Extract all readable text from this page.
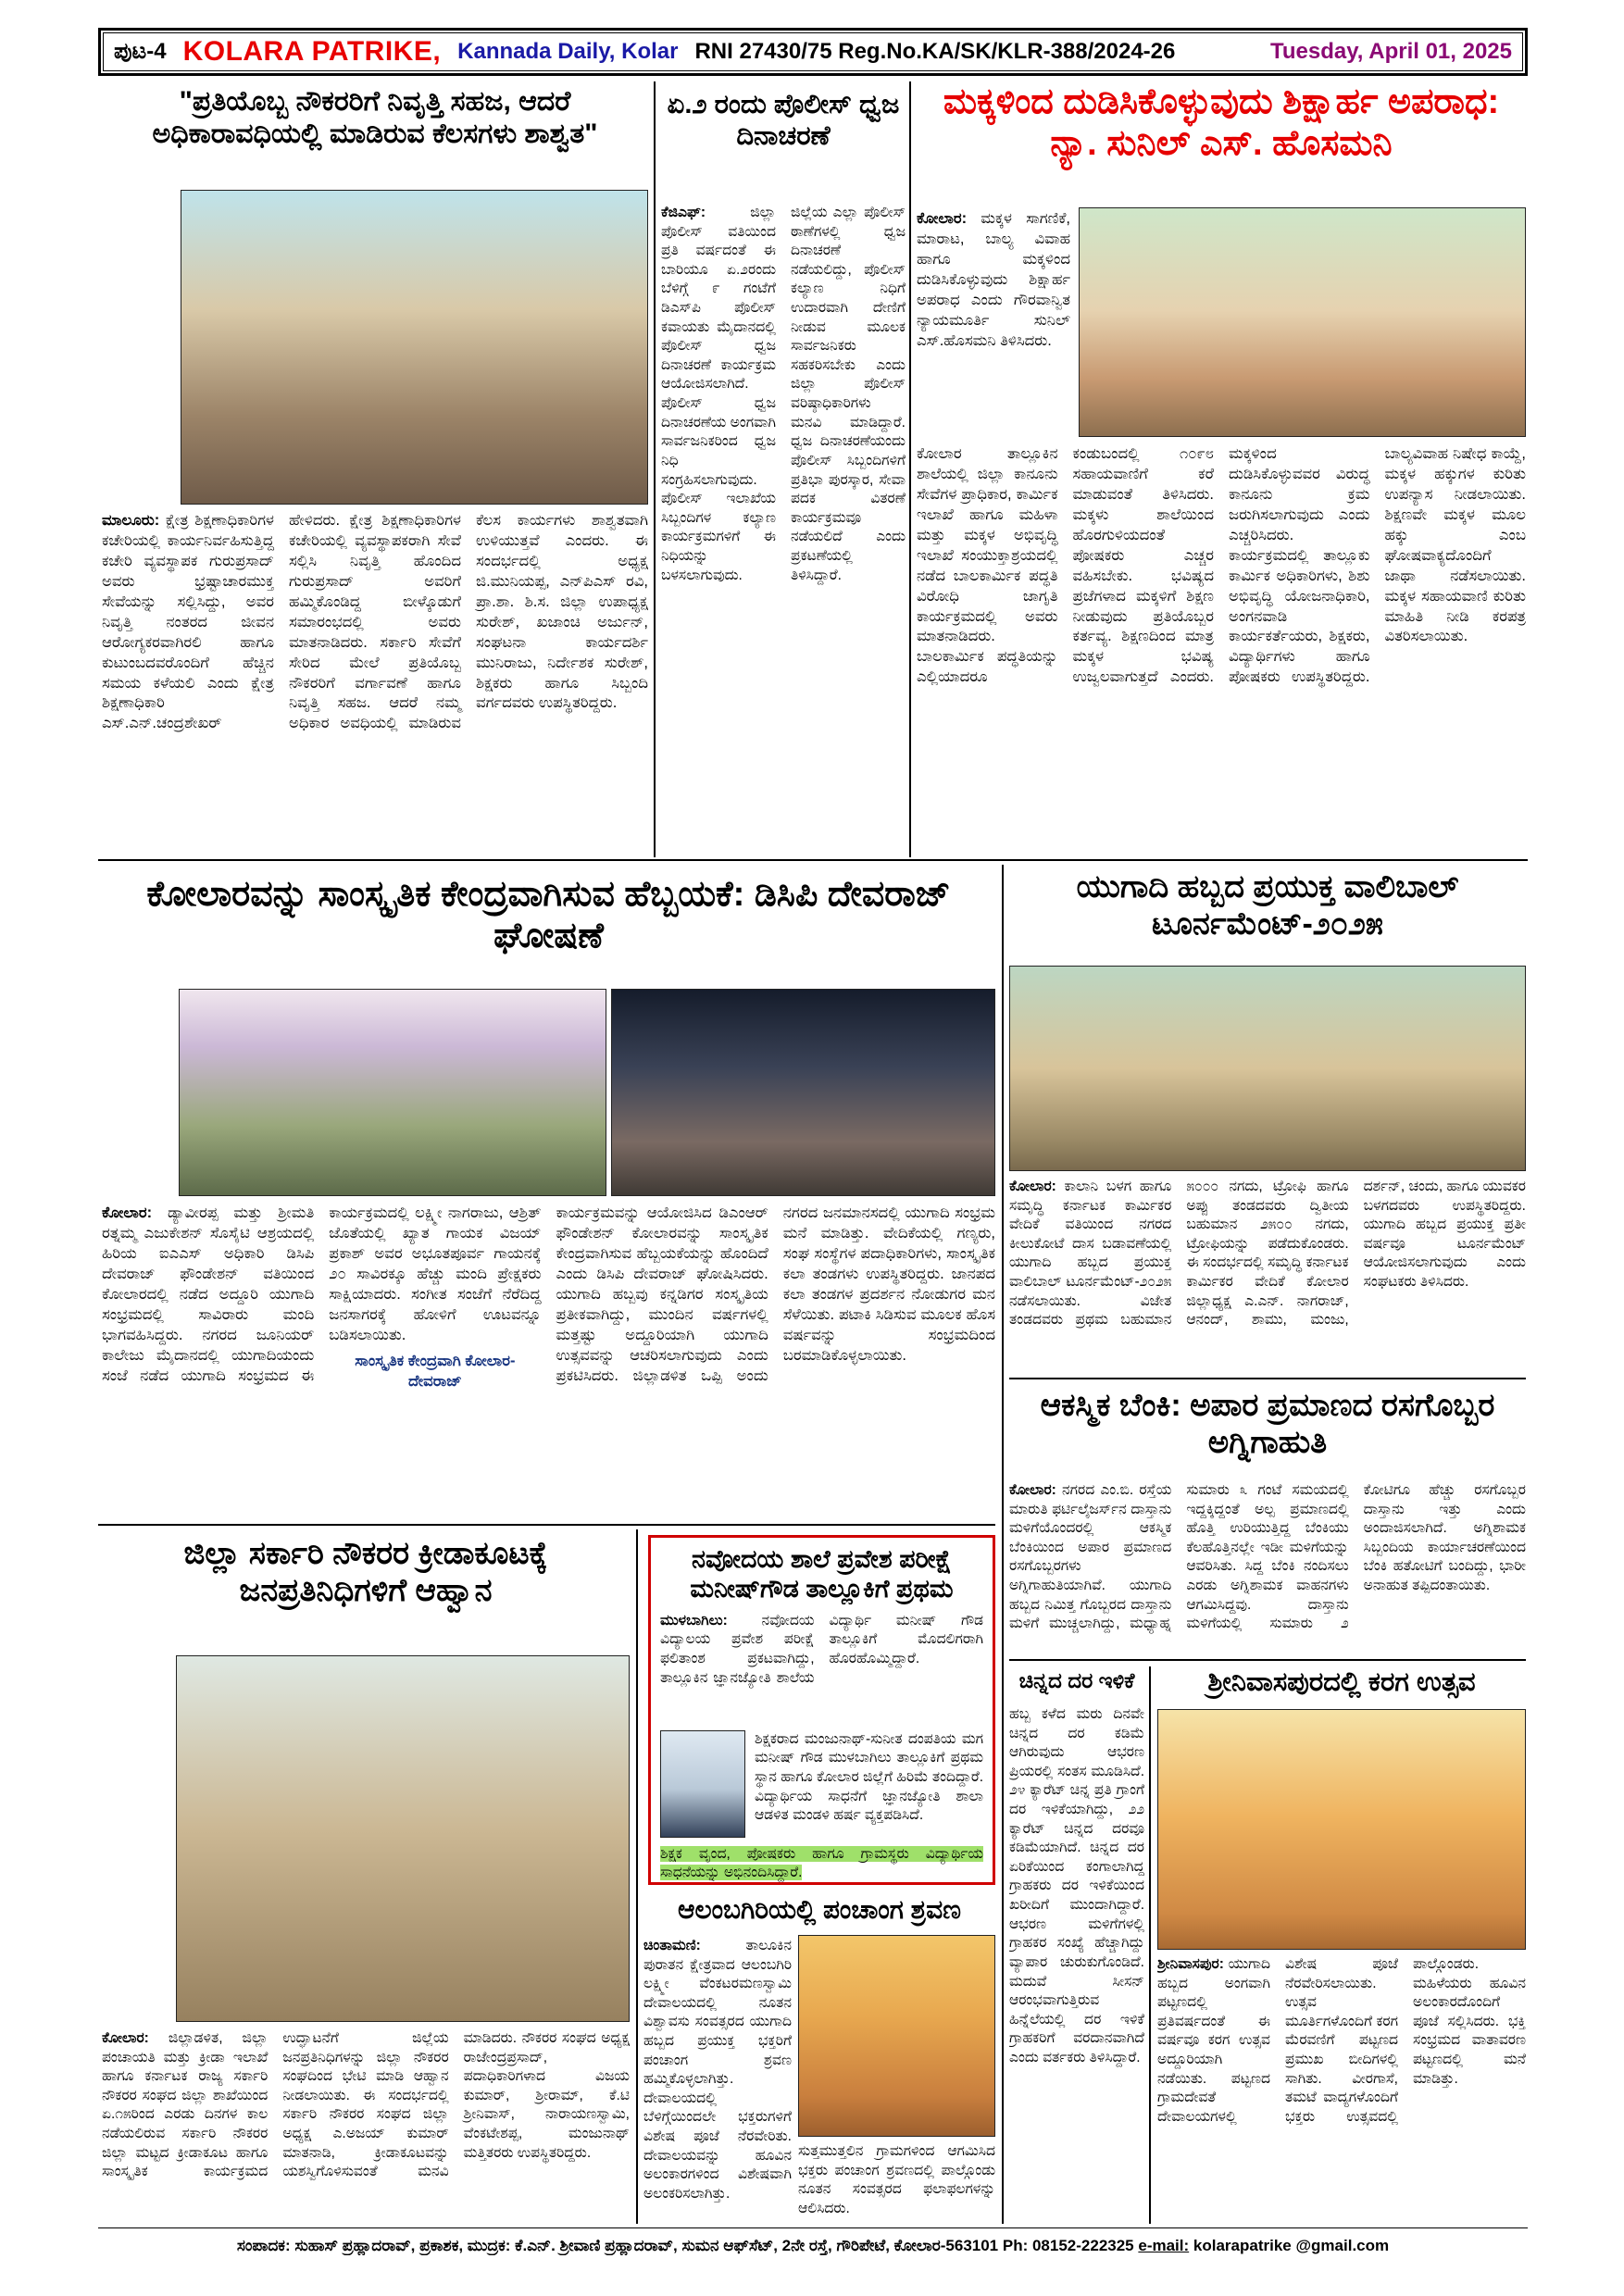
ಪುಟ-4 KOLARA PATRIKE, Kannada Daily, Kolar RNI 27430/75 Reg.No.KA/SK/KLR-388/2024-26	Tuesday, April 01, 2025
"ಪ್ರತಿಯೊಬ್ಬ ನೌಕರರಿಗೆ ನಿವೃತ್ತಿ ಸಹಜ, ಆದರೆ ಅಧಿಕಾರಾವಧಿಯಲ್ಲಿ ಮಾಡಿರುವ ಕೆಲಸಗಳು ಶಾಶ್ವತ"
ಮಾಲೂರು: ಕ್ಷೇತ್ರ ಶಿಕ್ಷಣಾಧಿಕಾರಿಗಳ ಕಚೇರಿಯಲ್ಲಿ ಕಾರ್ಯನಿರ್ವಹಿಸುತ್ತಿದ್ದ ಕಚೇರಿ ವ್ಯವಸ್ಥಾಪಕ ಗುರುಪ್ರಸಾದ್ ಅವರು ಭ್ರಷ್ಟಾಚಾರಮುಕ್ತ ಸೇವೆಯನ್ನು ಸಲ್ಲಿಸಿದ್ದು, ಅವರ ನಿವೃತ್ತಿ ನಂತರದ ಜೀವನ ಆರೋಗ್ಯಕರವಾಗಿರಲಿ ಹಾಗೂ ಕುಟುಂಬದವರೊಂದಿಗೆ ಹೆಚ್ಚಿನ ಸಮಯ ಕಳೆಯಲಿ ಎಂದು ಕ್ಷೇತ್ರ ಶಿಕ್ಷಣಾಧಿಕಾರಿ ಎಸ್.ಎನ್.ಚಂದ್ರಶೇಖರ್ ಹೇಳಿದರು. ಕ್ಷೇತ್ರ ಶಿಕ್ಷಣಾಧಿಕಾರಿಗಳ ಕಚೇರಿಯಲ್ಲಿ ವ್ಯವಸ್ಥಾಪಕರಾಗಿ ಸೇವೆ ಸಲ್ಲಿಸಿ ನಿವೃತ್ತಿ ಹೊಂದಿದ ಗುರುಪ್ರಸಾದ್ ಅವರಿಗೆ ಹಮ್ಮಿಕೊಂಡಿದ್ದ ಬೀಳ್ಕೊಡುಗೆ ಸಮಾರಂಭದಲ್ಲಿ ಅವರು ಮಾತನಾಡಿದರು. ಸರ್ಕಾರಿ ಸೇವೆಗೆ ಸೇರಿದ ಮೇಲೆ ಪ್ರತಿಯೊಬ್ಬ ನೌಕರರಿಗೆ ವರ್ಗಾವಣೆ ಹಾಗೂ ನಿವೃತ್ತಿ ಸಹಜ. ಆದರೆ ನಮ್ಮ ಅಧಿಕಾರ ಅವಧಿಯಲ್ಲಿ ಮಾಡಿರುವ ಕೆಲಸ ಕಾರ್ಯಗಳು ಶಾಶ್ವತವಾಗಿ ಉಳಿಯುತ್ತವೆ ಎಂದರು. ಈ ಸಂದರ್ಭದಲ್ಲಿ ಅಧ್ಯಕ್ಷ ಜಿ.ಮುನಿಯಪ್ಪ, ಎನ್‌ಪಿಎಸ್ ರವಿ, ಪ್ರಾ.ಶಾ. ಶಿ.ಸ. ಜಿಲ್ಲಾ ಉಪಾಧ್ಯಕ್ಷ ಸುರೇಶ್, ಖಜಾಂಚಿ ಅರ್ಜುನ್, ಸಂಘಟನಾ ಕಾರ್ಯದರ್ಶಿ ಮುನಿರಾಜು, ನಿರ್ದೇಶಕ ಸುರೇಶ್, ಶಿಕ್ಷಕರು ಹಾಗೂ ಸಿಬ್ಬಂದಿ ವರ್ಗದವರು ಉಪಸ್ಥಿತರಿದ್ದರು.
ಏ.೨ ರಂದು ಪೊಲೀಸ್ ಧ್ವಜ ದಿನಾಚರಣೆ
ಕೆಜಿಎಫ್:	ಜಿಲ್ಲಾ ಪೊಲೀಸ್ ವತಿಯಿಂದ ಪ್ರತಿ ವರ್ಷದಂತೆ ಈ ಬಾರಿಯೂ ಏ.೨ರಂದು ಬೆಳಿಗ್ಗೆ ೯ ಗಂಟೆಗೆ ಡಿಎಸ್‌ಪಿ ಪೊಲೀಸ್ ಕವಾಯತು ಮೈದಾನದಲ್ಲಿ ಪೊಲೀಸ್ ಧ್ವಜ ದಿನಾಚರಣೆ ಕಾರ್ಯಕ್ರಮ ಆಯೋಜಿಸಲಾಗಿದೆ. ಪೊಲೀಸ್ ಧ್ವಜ ದಿನಾಚರಣೆಯ ಅಂಗವಾಗಿ ಸಾರ್ವಜನಿಕರಿಂದ ಧ್ವಜ ನಿಧಿ ಸಂಗ್ರಹಿಸಲಾಗುವುದು. ಪೊಲೀಸ್ ಇಲಾಖೆಯ ಸಿಬ್ಬಂದಿಗಳ ಕಲ್ಯಾಣ ಕಾರ್ಯಕ್ರಮಗಳಿಗೆ ಈ ನಿಧಿಯನ್ನು ಬಳಸಲಾಗುವುದು. ಜಿಲ್ಲೆಯ ಎಲ್ಲಾ ಪೊಲೀಸ್ ಠಾಣೆಗಳಲ್ಲಿ ಧ್ವಜ ದಿನಾಚರಣೆ ನಡೆಯಲಿದ್ದು, ಪೊಲೀಸ್ ಕಲ್ಯಾಣ ನಿಧಿಗೆ ಉದಾರವಾಗಿ ದೇಣಿಗೆ ನೀಡುವ ಮೂಲಕ ಸಾರ್ವಜನಿಕರು ಸಹಕರಿಸಬೇಕು ಎಂದು ಜಿಲ್ಲಾ ಪೊಲೀಸ್ ವರಿಷ್ಠಾಧಿಕಾರಿಗಳು ಮನವಿ ಮಾಡಿದ್ದಾರೆ. ಧ್ವಜ ದಿನಾಚರಣೆಯಂದು ಪೊಲೀಸ್ ಸಿಬ್ಬಂದಿಗಳಿಗೆ ಪ್ರತಿಭಾ ಪುರಸ್ಕಾರ, ಸೇವಾ ಪದಕ ವಿತರಣೆ ಕಾರ್ಯಕ್ರಮವೂ ನಡೆಯಲಿದೆ ಎಂದು ಪ್ರಕಟಣೆಯಲ್ಲಿ ತಿಳಿಸಿದ್ದಾರೆ.
ಮಕ್ಕಳಿಂದ ದುಡಿಸಿಕೊಳ್ಳುವುದು ಶಿಕ್ಷಾರ್ಹ ಅಪರಾಧ: ನ್ಯಾ. ಸುನಿಲ್ ಎಸ್. ಹೊಸಮನಿ
ಕೋಲಾರ: ಮಕ್ಕಳ ಸಾಗಣಿಕೆ, ಮಾರಾಟ, ಬಾಲ್ಯ ವಿವಾಹ ಹಾಗೂ ಮಕ್ಕಳಿಂದ ದುಡಿಸಿಕೊಳ್ಳುವುದು ಶಿಕ್ಷಾರ್ಹ ಅಪರಾಧ ಎಂದು ಗೌರವಾನ್ವಿತ ನ್ಯಾಯಮೂರ್ತಿ ಸುನಿಲ್ ಎಸ್.ಹೊಸಮನಿ ತಿಳಿಸಿದರು.
ಕೋಲಾರ ತಾಲ್ಲೂಕಿನ ಶಾಲೆಯಲ್ಲಿ ಜಿಲ್ಲಾ ಕಾನೂನು ಸೇವೆಗಳ ಪ್ರಾಧಿಕಾರ, ಕಾರ್ಮಿಕ ಇಲಾಖೆ ಹಾಗೂ ಮಹಿಳಾ ಮತ್ತು ಮಕ್ಕಳ ಅಭಿವೃದ್ಧಿ ಇಲಾಖೆ ಸಂಯುಕ್ತಾಶ್ರಯದಲ್ಲಿ ನಡೆದ ಬಾಲಕಾರ್ಮಿಕ ಪದ್ಧತಿ ವಿರೋಧಿ ಜಾಗೃತಿ ಕಾರ್ಯಕ್ರಮದಲ್ಲಿ ಅವರು ಮಾತನಾಡಿದರು. ಬಾಲಕಾರ್ಮಿಕ ಪದ್ಧತಿಯನ್ನು ಎಲ್ಲಿಯಾದರೂ ಕಂಡುಬಂದಲ್ಲಿ ೧೦೯೮ ಸಹಾಯವಾಣಿಗೆ ಕರೆ ಮಾಡುವಂತೆ ತಿಳಿಸಿದರು. ಮಕ್ಕಳು ಶಾಲೆಯಿಂದ ಹೊರಗುಳಿಯದಂತೆ ಪೋಷಕರು ಎಚ್ಚರ ವಹಿಸಬೇಕು. ಭವಿಷ್ಯದ ಪ್ರಜೆಗಳಾದ ಮಕ್ಕಳಿಗೆ ಶಿಕ್ಷಣ ನೀಡುವುದು ಪ್ರತಿಯೊಬ್ಬರ ಕರ್ತವ್ಯ. ಶಿಕ್ಷಣದಿಂದ ಮಾತ್ರ ಮಕ್ಕಳ ಭವಿಷ್ಯ ಉಜ್ವಲವಾಗುತ್ತದೆ ಎಂದರು. ಮಕ್ಕಳಿಂದ ದುಡಿಸಿಕೊಳ್ಳುವವರ ವಿರುದ್ಧ ಕಾನೂನು ಕ್ರಮ ಜರುಗಿಸಲಾಗುವುದು ಎಂದು ಎಚ್ಚರಿಸಿದರು. ಕಾರ್ಯಕ್ರಮದಲ್ಲಿ ತಾಲ್ಲೂಕು ಕಾರ್ಮಿಕ ಅಧಿಕಾರಿಗಳು, ಶಿಶು ಅಭಿವೃದ್ಧಿ ಯೋಜನಾಧಿಕಾರಿ, ಅಂಗನವಾಡಿ ಕಾರ್ಯಕರ್ತೆಯರು, ಶಿಕ್ಷಕರು, ವಿದ್ಯಾರ್ಥಿಗಳು ಹಾಗೂ ಪೋಷಕರು ಉಪಸ್ಥಿತರಿದ್ದರು. ಬಾಲ್ಯವಿವಾಹ ನಿಷೇಧ ಕಾಯ್ದೆ, ಮಕ್ಕಳ ಹಕ್ಕುಗಳ ಕುರಿತು ಉಪನ್ಯಾಸ ನೀಡಲಾಯಿತು. ಶಿಕ್ಷಣವೇ ಮಕ್ಕಳ ಮೂಲ ಹಕ್ಕು ಎಂಬ ಘೋಷವಾಕ್ಯದೊಂದಿಗೆ ಜಾಥಾ ನಡೆಸಲಾಯಿತು. ಮಕ್ಕಳ ಸಹಾಯವಾಣಿ ಕುರಿತು ಮಾಹಿತಿ ನೀಡಿ ಕರಪತ್ರ ವಿತರಿಸಲಾಯಿತು.
ಕೋಲಾರವನ್ನು ಸಾಂಸ್ಕೃತಿಕ ಕೇಂದ್ರವಾಗಿಸುವ ಹೆಬ್ಬಯಕೆ: ಡಿಸಿಪಿ ದೇವರಾಜ್ ಘೋಷಣೆ
ಕೋಲಾರ: ಡ್ಯಾವೀರಪ್ಪ ಮತ್ತು ಶ್ರೀಮತಿ ರತ್ನಮ್ಮ ಎಜುಕೇಶನ್ ಸೊಸೈಟಿ ಆಶ್ರಯದಲ್ಲಿ ಹಿರಿಯ ಐಎಎಸ್ ಅಧಿಕಾರಿ ಡಿಸಿಪಿ ದೇವರಾಜ್ ಫೌಂಡೇಶನ್ ವತಿಯಿಂದ ಕೋಲಾರದಲ್ಲಿ ನಡೆದ ಅದ್ದೂರಿ ಯುಗಾದಿ ಸಂಭ್ರಮದಲ್ಲಿ ಸಾವಿರಾರು ಮಂದಿ ಭಾಗವಹಿಸಿದ್ದರು. ನಗರದ ಜೂನಿಯರ್ ಕಾಲೇಜು ಮೈದಾನದಲ್ಲಿ ಯುಗಾದಿಯಂದು ಸಂಜೆ ನಡೆದ ಯುಗಾದಿ ಸಂಭ್ರಮದ ಈ ಕಾರ್ಯಕ್ರಮದಲ್ಲಿ ಲಕ್ಷ್ಮೀ ನಾಗರಾಜು, ಆಶ್ರಿತ್ ಜೊತೆಯಲ್ಲಿ ಖ್ಯಾತ ಗಾಯಕ ವಿಜಯ್ ಪ್ರಕಾಶ್ ಅವರ ಅಭೂತಪೂರ್ವ ಗಾಯನಕ್ಕೆ ೨೦ ಸಾವಿರಕ್ಕೂ ಹೆಚ್ಚು ಮಂದಿ ಪ್ರೇಕ್ಷಕರು ಸಾಕ್ಷಿಯಾದರು. ಸಂಗೀತ ಸಂಜೆಗೆ ನೆರೆದಿದ್ದ ಜನಸಾಗರಕ್ಕೆ ಹೋಳಿಗೆ ಊಟವನ್ನೂ ಬಡಿಸಲಾಯಿತು.
ಸಾಂಸ್ಕೃತಿಕ ಕೇಂದ್ರವಾಗಿ ಕೋಲಾರ-ದೇವರಾಜ್
ಕಾರ್ಯಕ್ರಮವನ್ನು ಆಯೋಜಿಸಿದ ಡಿಎಂಆರ್ ಫೌಂಡೇಶನ್ ಕೋಲಾರವನ್ನು ಸಾಂಸ್ಕೃತಿಕ ಕೇಂದ್ರವಾಗಿಸುವ ಹೆಬ್ಬಯಕೆಯನ್ನು ಹೊಂದಿದೆ ಎಂದು ಡಿಸಿಪಿ ದೇವರಾಜ್ ಘೋಷಿಸಿದರು. ಯುಗಾದಿ ಹಬ್ಬವು ಕನ್ನಡಿಗರ ಸಂಸ್ಕೃತಿಯ ಪ್ರತೀಕವಾಗಿದ್ದು, ಮುಂದಿನ ವರ್ಷಗಳಲ್ಲಿ ಮತ್ತಷ್ಟು ಅದ್ದೂರಿಯಾಗಿ ಯುಗಾದಿ ಉತ್ಸವವನ್ನು ಆಚರಿಸಲಾಗುವುದು ಎಂದು ಪ್ರಕಟಿಸಿದರು. ಜಿಲ್ಲಾಡಳಿತ ಒಪ್ಪಿ ಅಂದು ನಗರದ ಜನಮಾನಸದಲ್ಲಿ ಯುಗಾದಿ ಸಂಭ್ರಮ ಮನೆ ಮಾಡಿತ್ತು. ವೇದಿಕೆಯಲ್ಲಿ ಗಣ್ಯರು, ಸಂಘ ಸಂಸ್ಥೆಗಳ ಪದಾಧಿಕಾರಿಗಳು, ಸಾಂಸ್ಕೃತಿಕ ಕಲಾ ತಂಡಗಳು ಉಪಸ್ಥಿತರಿದ್ದರು. ಜಾನಪದ ಕಲಾ ತಂಡಗಳ ಪ್ರದರ್ಶನ ನೋಡುಗರ ಮನ ಸೆಳೆಯಿತು. ಪಟಾಕಿ ಸಿಡಿಸುವ ಮೂಲಕ ಹೊಸ ವರ್ಷವನ್ನು ಸಂಭ್ರಮದಿಂದ ಬರಮಾಡಿಕೊಳ್ಳಲಾಯಿತು.
ಯುಗಾದಿ ಹಬ್ಬದ ಪ್ರಯುಕ್ತ ವಾಲಿಬಾಲ್ ಟೂರ್ನಮೆಂಟ್-೨೦೨೫
ಕೋಲಾರ: ಕಾಲಾನಿ ಬಳಗ ಹಾಗೂ ಸಮೃದ್ಧಿ ಕರ್ನಾಟಕ ಕಾರ್ಮಿಕರ ವೇದಿಕೆ ವತಿಯಿಂದ ನಗರದ ಕೀಲುಕೋಟೆ ದಾಸ ಬಡಾವಣೆಯಲ್ಲಿ ಯುಗಾದಿ ಹಬ್ಬದ ಪ್ರಯುಕ್ತ ವಾಲಿಬಾಲ್ ಟೂರ್ನಮೆಂಟ್-೨೦೨೫ ನಡೆಸಲಾಯಿತು. ವಿಜೇತ ತಂಡದವರು ಪ್ರಥಮ ಬಹುಮಾನ ೫೦೦೦ ನಗದು, ಟ್ರೋಫಿ ಹಾಗೂ ಅಪ್ಪು ತಂಡದವರು ದ್ವಿತೀಯ ಬಹುಮಾನ ೨೫೦೦ ನಗದು, ಟ್ರೋಫಿಯನ್ನು ಪಡೆದುಕೊಂಡರು. ಈ ಸಂದರ್ಭದಲ್ಲಿ ಸಮೃದ್ಧಿ ಕರ್ನಾಟಕ ಕಾರ್ಮಿಕರ ವೇದಿಕೆ ಕೋಲಾರ ಜಿಲ್ಲಾಧ್ಯಕ್ಷ ಎ.ಎನ್. ನಾಗರಾಜ್, ಆನಂದ್, ಶಾಮು, ಮಂಜು, ದರ್ಶನ್, ಚಂದು, ಹಾಗೂ ಯುವಕರ ಬಳಗದವರು ಉಪಸ್ಥಿತರಿದ್ದರು. ಯುಗಾದಿ ಹಬ್ಬದ ಪ್ರಯುಕ್ತ ಪ್ರತೀ ವರ್ಷವೂ ಟೂರ್ನಮೆಂಟ್ ಆಯೋಜಿಸಲಾಗುವುದು ಎಂದು ಸಂಘಟಕರು ತಿಳಿಸಿದರು.
ಆಕಸ್ಮಿಕ ಬೆಂಕಿ: ಅಪಾರ ಪ್ರಮಾಣದ ರಸಗೊಬ್ಬರ ಅಗ್ನಿಗಾಹುತಿ
ಕೋಲಾರ: ನಗರದ ಎಂ.ಬಿ. ರಸ್ತೆಯ ಮಾರುತಿ ಫರ್ಟಿಲೈಜರ್ಸ್‌ನ ದಾಸ್ತಾನು ಮಳಿಗೆಯೊಂದರಲ್ಲಿ ಆಕಸ್ಮಿಕ ಬೆಂಕಿಯಿಂದ ಅಪಾರ ಪ್ರಮಾಣದ ರಸಗೊಬ್ಬರಗಳು ಅಗ್ನಿಗಾಹುತಿಯಾಗಿವೆ. ಯುಗಾದಿ ಹಬ್ಬದ ನಿಮಿತ್ತ ಗೊಬ್ಬರದ ದಾಸ್ತಾನು ಮಳಿಗೆ ಮುಚ್ಚಲಾಗಿದ್ದು, ಮಧ್ಯಾಹ್ನ ಸುಮಾರು ೩ ಗಂಟೆ ಸಮಯದಲ್ಲಿ ಇದ್ದಕ್ಕಿದ್ದಂತೆ ಅಲ್ಪ ಪ್ರಮಾಣದಲ್ಲಿ ಹೊತ್ತಿ ಉರಿಯುತ್ತಿದ್ದ ಬೆಂಕಿಯು ಕೆಲಹೊತ್ತಿನಲ್ಲೇ ಇಡೀ ಮಳಿಗೆಯನ್ನು ಆವರಿಸಿತು. ಸಿದ್ದ ಬೆಂಕಿ ನಂದಿಸಲು ಎರಡು ಅಗ್ನಿಶಾಮಕ ವಾಹನಗಳು ಆಗಮಿಸಿದ್ದವು. ದಾಸ್ತಾನು ಮಳಿಗೆಯಲ್ಲಿ ಸುಮಾರು ೨ ಕೋಟಿಗೂ ಹೆಚ್ಚು ರಸಗೊಬ್ಬರ ದಾಸ್ತಾನು ಇತ್ತು ಎಂದು ಅಂದಾಜಿಸಲಾಗಿದೆ. ಅಗ್ನಿಶಾಮಕ ಸಿಬ್ಬಂದಿಯ ಕಾರ್ಯಾಚರಣೆಯಿಂದ ಬೆಂಕಿ ಹತೋಟಿಗೆ ಬಂದಿದ್ದು, ಭಾರೀ ಅನಾಹುತ ತಪ್ಪಿದಂತಾಯಿತು.
ಚಿನ್ನದ ದರ ಇಳಿಕೆ
ಹಬ್ಬ ಕಳೆದ ಮರು ದಿನವೇ ಚಿನ್ನದ ದರ ಕಡಿಮೆ ಆಗಿರುವುದು ಆಭರಣ ಪ್ರಿಯರಲ್ಲಿ ಸಂತಸ ಮೂಡಿಸಿದೆ. ೨೪ ಕ್ಯಾರೆಟ್ ಚಿನ್ನ ಪ್ರತಿ ಗ್ರಾಂಗೆ ದರ ಇಳಿಕೆಯಾಗಿದ್ದು, ೨೨ ಕ್ಯಾರೆಟ್ ಚಿನ್ನದ ದರವೂ ಕಡಿಮೆಯಾಗಿದೆ. ಚಿನ್ನದ ದರ ಏರಿಕೆಯಿಂದ ಕಂಗಾಲಾಗಿದ್ದ ಗ್ರಾಹಕರು ದರ ಇಳಿಕೆಯಿಂದ ಖರೀದಿಗೆ ಮುಂದಾಗಿದ್ದಾರೆ. ಆಭರಣ ಮಳಿಗೆಗಳಲ್ಲಿ ಗ್ರಾಹಕರ ಸಂಖ್ಯೆ ಹೆಚ್ಚಾಗಿದ್ದು ವ್ಯಾಪಾರ ಚುರುಕುಗೊಂಡಿದೆ. ಮದುವೆ ಸೀಸನ್ ಆರಂಭವಾಗುತ್ತಿರುವ ಹಿನ್ನೆಲೆಯಲ್ಲಿ ದರ ಇಳಿಕೆ ಗ್ರಾಹಕರಿಗೆ ವರದಾನವಾಗಿದೆ ಎಂದು ವರ್ತಕರು ತಿಳಿಸಿದ್ದಾರೆ.
ಶ್ರೀನಿವಾಸಪುರದಲ್ಲಿ ಕರಗ ಉತ್ಸವ
ಶ್ರೀನಿವಾಸಪುರ: ಯುಗಾದಿ ಹಬ್ಬದ ಅಂಗವಾಗಿ ಪಟ್ಟಣದಲ್ಲಿ ಪ್ರತಿವರ್ಷದಂತೆ ಈ ವರ್ಷವೂ ಕರಗ ಉತ್ಸವ ಅದ್ದೂರಿಯಾಗಿ ನಡೆಯಿತು. ಪಟ್ಟಣದ ಗ್ರಾಮದೇವತೆ ದೇವಾಲಯಗಳಲ್ಲಿ ವಿಶೇಷ ಪೂಜೆ ನೆರವೇರಿಸಲಾಯಿತು. ಉತ್ಸವ ಮೂರ್ತಿಗಳೊಂದಿಗೆ ಕರಗ ಮೆರವಣಿಗೆ ಪಟ್ಟಣದ ಪ್ರಮುಖ ಬೀದಿಗಳಲ್ಲಿ ಸಾಗಿತು. ವೀರಗಾಸೆ, ತಮಟೆ ವಾದ್ಯಗಳೊಂದಿಗೆ ಭಕ್ತರು ಉತ್ಸವದಲ್ಲಿ ಪಾಲ್ಗೊಂಡರು. ಮಹಿಳೆಯರು ಹೂವಿನ ಅಲಂಕಾರದೊಂದಿಗೆ ಪೂಜೆ ಸಲ್ಲಿಸಿದರು. ಭಕ್ತಿ ಸಂಭ್ರಮದ ವಾತಾವರಣ ಪಟ್ಟಣದಲ್ಲಿ ಮನೆ ಮಾಡಿತ್ತು.
ಜಿಲ್ಲಾ ಸರ್ಕಾರಿ ನೌಕರರ ಕ್ರೀಡಾಕೂಟಕ್ಕೆ ಜನಪ್ರತಿನಿಧಿಗಳಿಗೆ ಆಹ್ವಾನ
ಕೋಲಾರ: ಜಿಲ್ಲಾಡಳಿತ, ಜಿಲ್ಲಾ ಪಂಚಾಯತಿ ಮತ್ತು ಕ್ರೀಡಾ ಇಲಾಖೆ ಹಾಗೂ ಕರ್ನಾಟಕ ರಾಜ್ಯ ಸರ್ಕಾರಿ ನೌಕರರ ಸಂಘದ ಜಿಲ್ಲಾ ಶಾಖೆಯಿಂದ ಏ.೧೫ರಿಂದ ಎರಡು ದಿನಗಳ ಕಾಲ ನಡೆಯಲಿರುವ ಸರ್ಕಾರಿ ನೌಕರರ ಜಿಲ್ಲಾ ಮಟ್ಟದ ಕ್ರೀಡಾಕೂಟ ಹಾಗೂ ಸಾಂಸ್ಕೃತಿಕ ಕಾರ್ಯಕ್ರಮದ ಉದ್ಘಾಟನೆಗೆ ಜಿಲ್ಲೆಯ ಜನಪ್ರತಿನಿಧಿಗಳನ್ನು ಜಿಲ್ಲಾ ನೌಕರರ ಸಂಘದಿಂದ ಭೇಟಿ ಮಾಡಿ ಆಹ್ವಾನ ನೀಡಲಾಯಿತು. ಈ ಸಂದರ್ಭದಲ್ಲಿ ಸರ್ಕಾರಿ ನೌಕರರ ಸಂಘದ ಜಿಲ್ಲಾ ಅಧ್ಯಕ್ಷ ಎ.ಅಜಯ್ ಕುಮಾರ್ ಮಾತನಾಡಿ, ಕ್ರೀಡಾಕೂಟವನ್ನು ಯಶಸ್ವಿಗೊಳಿಸುವಂತೆ ಮನವಿ ಮಾಡಿದರು. ನೌಕರರ ಸಂಘದ ಅಧ್ಯಕ್ಷ ರಾಜೇಂದ್ರಪ್ರಸಾದ್, ಪದಾಧಿಕಾರಿಗಳಾದ ವಿಜಯ ಕುಮಾರ್, ಶ್ರೀರಾಮ್, ಕೆ.ಟಿ ಶ್ರೀನಿವಾಸ್, ನಾರಾಯಣಸ್ವಾಮಿ, ವೆಂಕಟೇಶಪ್ಪ, ಮಂಜುನಾಥ್ ಮತ್ತಿತರರು ಉಪಸ್ಥಿತರಿದ್ದರು.
ನವೋದಯ ಶಾಲೆ ಪ್ರವೇಶ ಪರೀಕ್ಷೆ ಮನೀಷ್‌ಗೌಡ ತಾಲ್ಲೂಕಿಗೆ ಪ್ರಥಮ
ಮುಳಬಾಗಿಲು: ನವೋದಯ ವಿದ್ಯಾಲಯ ಪ್ರವೇಶ ಪರೀಕ್ಷೆ ಫಲಿತಾಂಶ ಪ್ರಕಟವಾಗಿದ್ದು, ತಾಲ್ಲೂಕಿನ ಜ್ಞಾನಜ್ಯೋತಿ ಶಾಲೆಯ ವಿದ್ಯಾರ್ಥಿ ಮನೀಷ್ ಗೌಡ ತಾಲ್ಲೂಕಿಗೆ ಮೊದಲಿಗರಾಗಿ ಹೊರಹೊಮ್ಮಿದ್ದಾರೆ.
ಶಿಕ್ಷಕರಾದ ಮಂಜುನಾಥ್-ಸುನೀತ ದಂಪತಿಯ ಮಗ ಮನೀಷ್ ಗೌಡ ಮುಳಬಾಗಿಲು ತಾಲ್ಲೂಕಿಗೆ ಪ್ರಥಮ ಸ್ಥಾನ ಹಾಗೂ ಕೋಲಾರ ಜಿಲ್ಲೆಗೆ ಹಿರಿಮೆ ತಂದಿದ್ದಾರೆ. ವಿದ್ಯಾರ್ಥಿಯ ಸಾಧನೆಗೆ ಜ್ಞಾನಜ್ಯೋತಿ ಶಾಲಾ ಆಡಳಿತ ಮಂಡಳಿ ಹರ್ಷ ವ್ಯಕ್ತಪಡಿಸಿದೆ.
ಶಿಕ್ಷಕ ವೃಂದ, ಪೋಷಕರು ಹಾಗೂ ಗ್ರಾಮಸ್ಥರು ವಿದ್ಯಾರ್ಥಿಯ ಸಾಧನೆಯನ್ನು ಅಭಿನಂದಿಸಿದ್ದಾರೆ.
ಆಲಂಬಗಿರಿಯಲ್ಲಿ ಪಂಚಾಂಗ ಶ್ರವಣ
ಚಿಂತಾಮಣಿ:	ತಾಲೂಕಿನ ಪುರಾತನ ಕ್ಷೇತ್ರವಾದ ಆಲಂಬಗಿರಿ ಲಕ್ಷ್ಮೀ ವೆಂಕಟರಮಣಸ್ವಾಮಿ ದೇವಾಲಯದಲ್ಲಿ ನೂತನ ವಿಶ್ವಾವಸು ಸಂವತ್ಸರದ ಯುಗಾದಿ ಹಬ್ಬದ ಪ್ರಯುಕ್ತ ಭಕ್ತರಿಗೆ ಪಂಚಾಂಗ ಶ್ರವಣ ಹಮ್ಮಿಕೊಳ್ಳಲಾಗಿತ್ತು. ದೇವಾಲಯದಲ್ಲಿ ಬೆಳಿಗ್ಗೆಯಿಂದಲೇ ಭಕ್ತರುಗಳಿಗೆ ವಿಶೇಷ ಪೂಜೆ ನೆರವೇರಿತು. ದೇವಾಲಯವನ್ನು ಹೂವಿನ ಅಲಂಕಾರಗಳಿಂದ ವಿಶೇಷವಾಗಿ ಅಲಂಕರಿಸಲಾಗಿತ್ತು.
ಸುತ್ತಮುತ್ತಲಿನ ಗ್ರಾಮಗಳಿಂದ ಆಗಮಿಸಿದ ಭಕ್ತರು ಪಂಚಾಂಗ ಶ್ರವಣದಲ್ಲಿ ಪಾಲ್ಗೊಂಡು ನೂತನ ಸಂವತ್ಸರದ ಫಲಾಫಲಗಳನ್ನು ಆಲಿಸಿದರು.
ಸಂಪಾದಕ: ಸುಹಾಸ್ ಪ್ರಹ್ಲಾದರಾವ್, ಪ್ರಕಾಶಕ, ಮುದ್ರಕ: ಕೆ.ಎನ್. ಶ್ರೀವಾಣಿ ಪ್ರಹ್ಲಾದರಾವ್, ಸುಮನ ಆಫ್‌ಸೆಟ್, 2ನೇ ರಸ್ತೆ, ಗೌರಿಪೇಟೆ, ಕೋಲಾರ-563101 Ph: 08152-222325 e-mail: kolarapatrike @gmail.com
